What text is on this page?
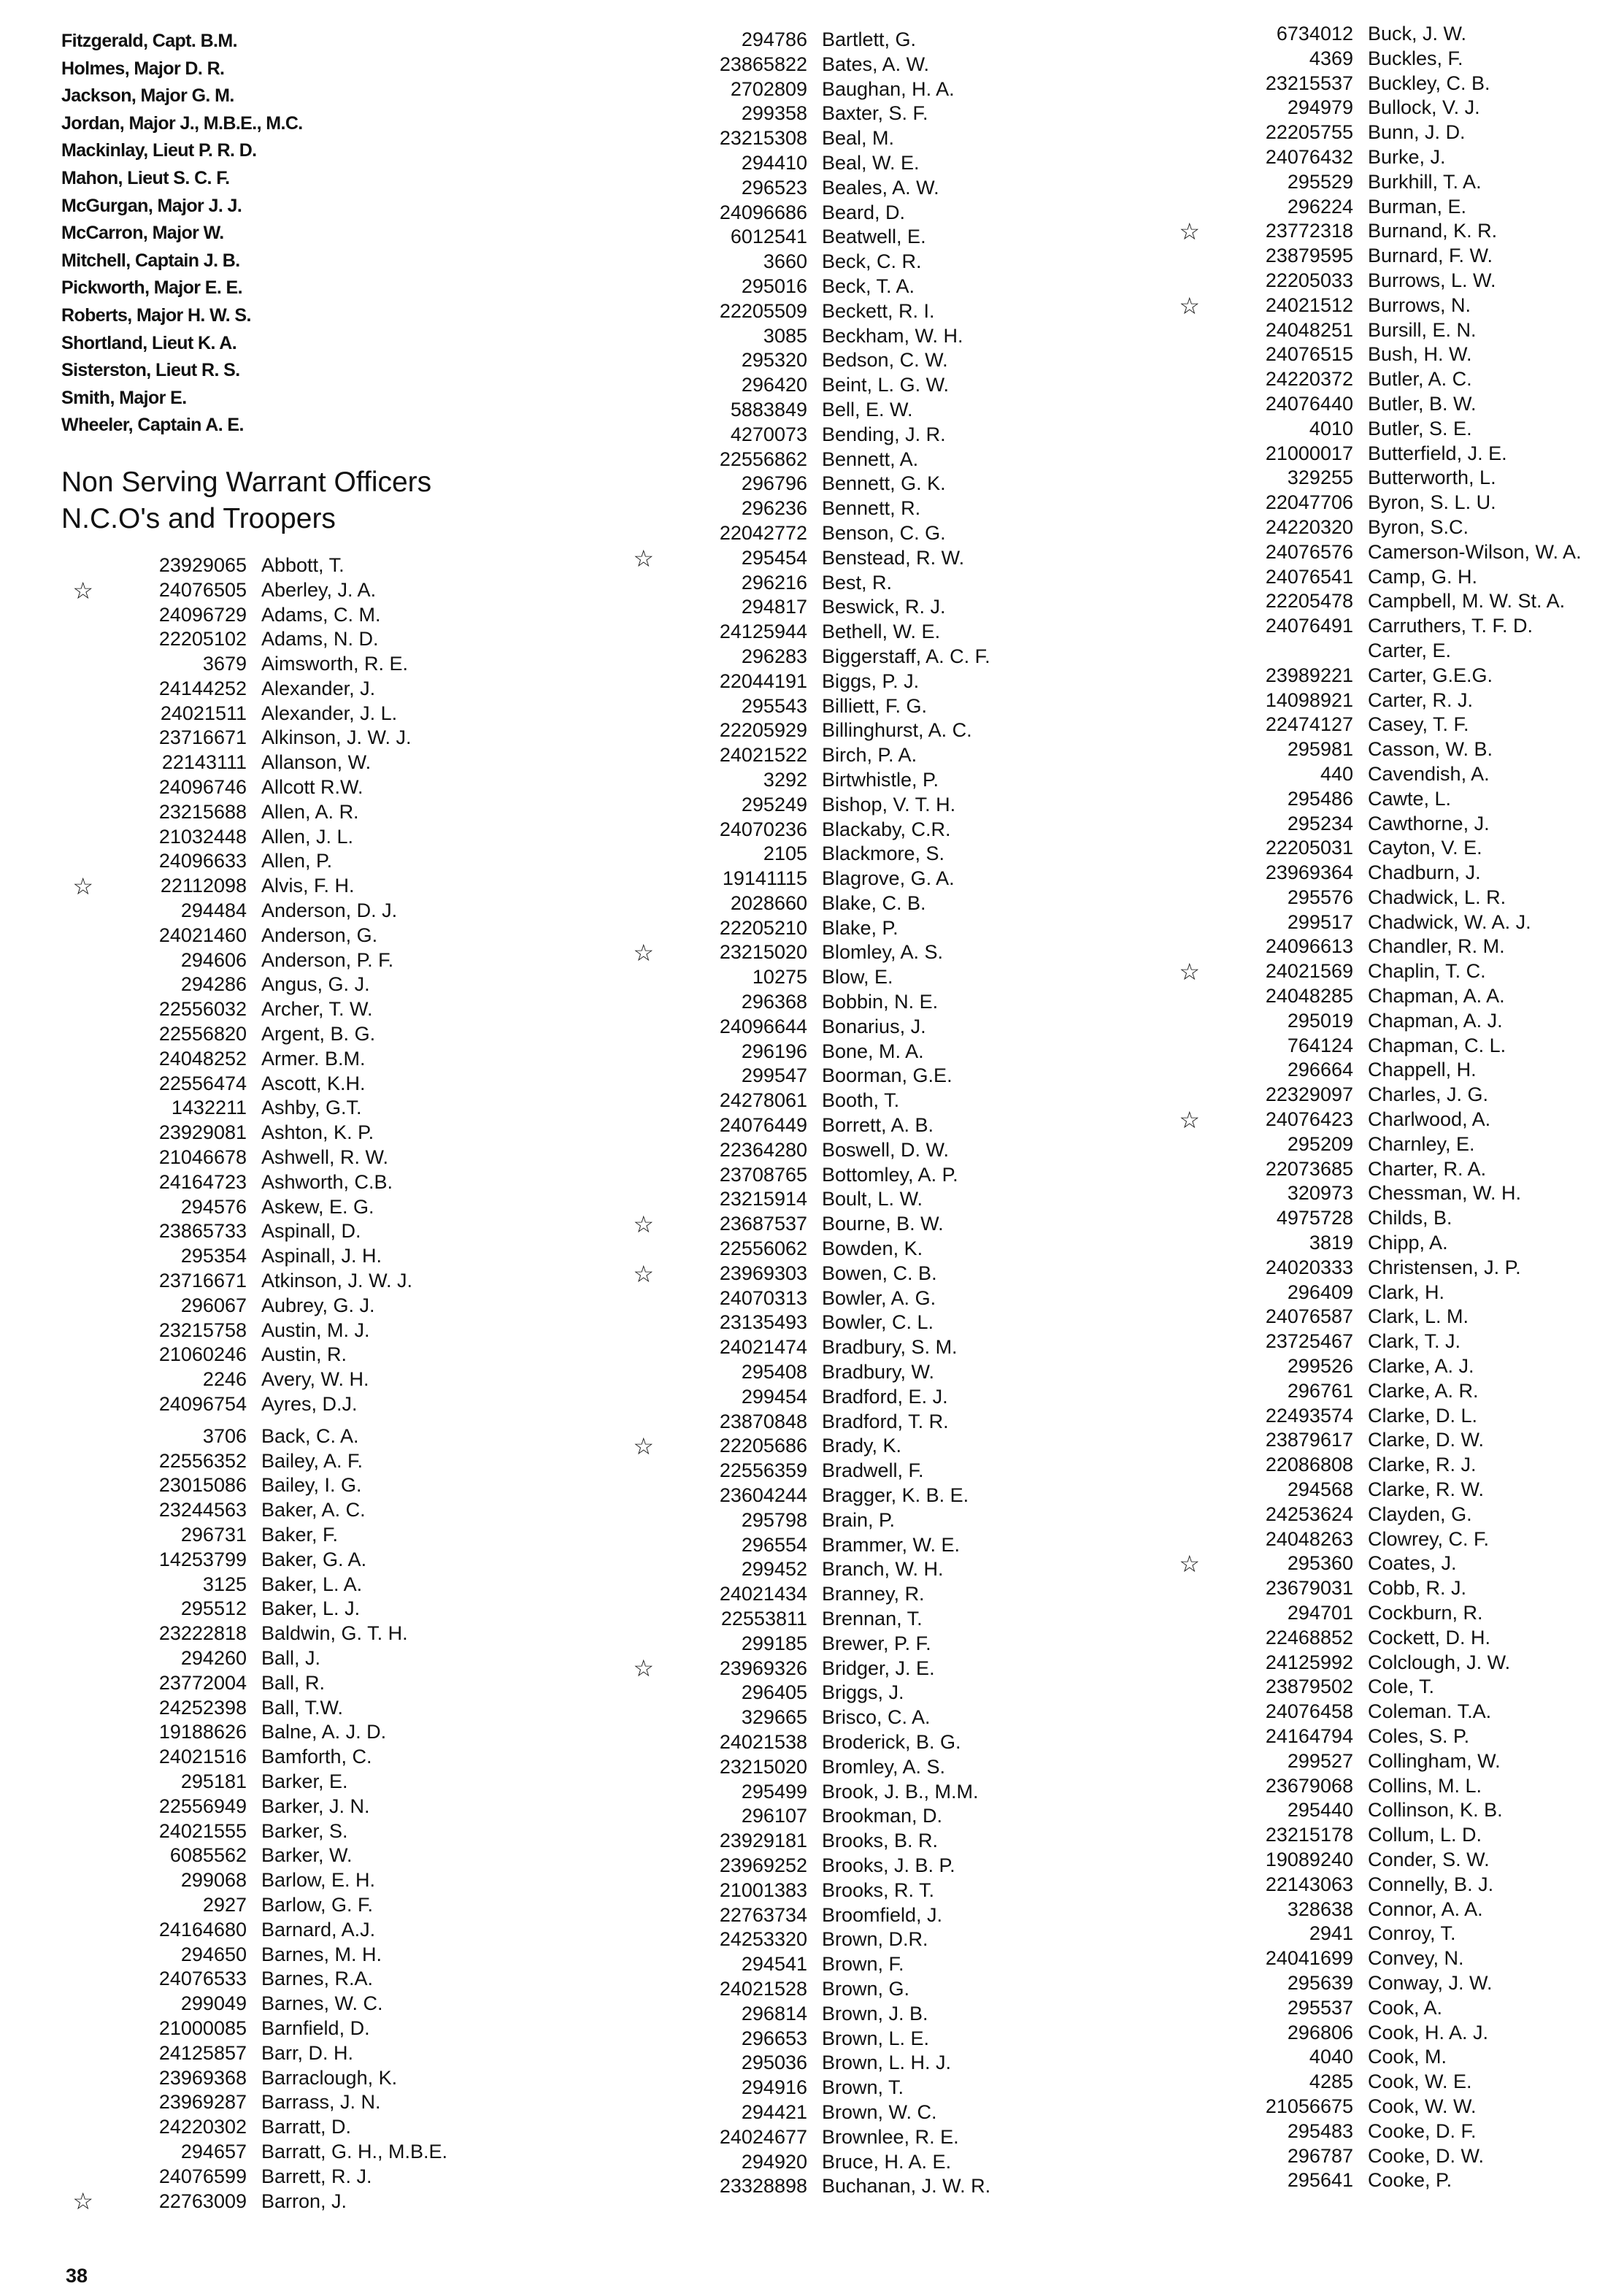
Fitzgerald, Capt. B.M.
Holmes, Major D. R.
Jackson, Major G. M.
Jordan, Major J., M.B.E., M.C.
Mackinlay, Lieut P. R. D.
Mahon, Lieut S. C. F.
McGurgan, Major J. J.
McCarron, Major W.
Mitchell, Captain J. B.
Pickworth, Major E. E.
Roberts, Major H. W. S.
Shortland, Lieut K. A.
Sisterston, Lieut R. S.
Smith, Major E.
Wheeler, Captain A. E.
Non Serving Warrant Officers
N.C.O's and Troopers
23929065 Abbott, T.
☆	24076505 Aberley, J. A.
24096729 Adams, C. M.
22205102 Adams, N. D.
3679 Aimsworth, R. E.
24144252 Alexander, J.
24021511 Alexander, J. L.
23716671 Alkinson, J. W. J.
22143111 Allanson, W.
24096746 Allcott R.W.
23215688 Allen, A. R.
21032448 Allen, J. L.
24096633 Allen, P.
☆	22112098 Alvis, F. H.
294484 Anderson, D. J.
24021460 Anderson, G.
294606 Anderson, P. F.
294286 Angus, G. J.
22556032 Archer, T. W.
22556820 Argent, B. G.
24048252 Armer. B.M.
22556474 Ascott, K.H.
1432211 Ashby, G.T.
23929081 Ashton, K. P.
21046678 Ashwell, R. W.
24164723 Ashworth, C.B.
294576 Askew, E. G.
23865733 Aspinall, D.
295354 Aspinall, J. H.
23716671 Atkinson, J. W. J.
296067 Aubrey, G. J.
23215758 Austin, M. J.
21060246 Austin, R.
2246 Avery, W. H.
24096754 Ayres, D.J.
3706 Back, C. A.
22556352 Bailey, A. F.
23015086 Bailey, I. G.
23244563 Baker, A. C.
296731 Baker, F.
14253799 Baker, G. A.
3125 Baker, L. A.
295512 Baker, L. J.
23222818 Baldwin, G. T. H.
294260 Ball, J.
23772004 Ball, R.
24252398 Ball, T.W.
19188626 Balne, A. J. D.
24021516 Bamforth, C.
295181 Barker, E.
22556949 Barker, J. N.
24021555 Barker, S.
6085562 Barker, W.
299068 Barlow, E. H.
2927 Barlow, G. F.
24164680 Barnard, A.J.
294650 Barnes, M. H.
24076533 Barnes, R.A.
299049 Barnes, W. C.
21000085 Barnfield, D.
24125857 Barr, D. H.
23969368 Barraclough, K.
23969287 Barrass, J. N.
24220302 Barratt, D.
294657 Barratt, G. H., M.B.E.
24076599 Barrett, R. J.
☆	22763009 Barron, J.
294786 Bartlett, G.
23865822 Bates, A. W.
2702809 Baughan, H. A.
299358 Baxter, S. F.
23215308 Beal, M.
294410 Beal, W. E.
296523 Beales, A. W.
24096686 Beard, D.
6012541 Beatwell, E.
3660 Beck, C. R.
295016 Beck, T. A.
22205509 Beckett, R. I.
3085 Beckham, W. H.
295320 Bedson, C. W.
296420 Beint, L. G. W.
5883849 Bell, E. W.
4270073 Bending, J. R.
22556862 Bennett, A.
296796 Bennett, G. K.
296236 Bennett, R.
22042772 Benson, C. G.
☆	295454 Benstead, R. W.
296216 Best, R.
294817 Beswick, R. J.
24125944 Bethell, W. E.
296283 Biggerstaff, A. C. F.
22044191 Biggs, P. J.
295543 Billiett, F. G.
22205929 Billinghurst, A. C.
24021522 Birch, P. A.
3292 Birtwhistle, P.
295249 Bishop, V. T. H.
24070236 Blackaby, C.R.
2105 Blackmore, S.
19141115 Blagrove, G. A.
2028660 Blake, C. B.
22205210 Blake, P.
☆	23215020 Blomley, A. S.
10275 Blow, E.
296368 Bobbin, N. E.
24096644 Bonarius, J.
296196 Bone, M. A.
299547 Boorman, G.E.
24278061 Booth, T.
24076449 Borrett, A. B.
22364280 Boswell, D. W.
23708765 Bottomley, A. P.
23215914 Boult, L. W.
☆	23687537 Bourne, B. W.
22556062 Bowden, K.
☆	23969303 Bowen, C. B.
24070313 Bowler, A. G.
23135493 Bowler, C. L.
24021474 Bradbury, S. M.
295408 Bradbury, W.
299454 Bradford, E. J.
23870848 Bradford, T. R.
☆	22205686 Brady, K.
22556359 Bradwell, F.
23604244 Bragger, K. B. E.
295798 Brain, P.
296554 Brammer, W. E.
299452 Branch, W. H.
24021434 Branney, R.
22553811 Brennan, T.
299185 Brewer, P. F.
☆	23969326 Bridger, J. E.
296405 Briggs, J.
329665 Brisco, C. A.
24021538 Broderick, B. G.
23215020 Bromley, A. S.
295499 Brook, J. B., M.M.
296107 Brookman, D.
23929181 Brooks, B. R.
23969252 Brooks, J. B. P.
21001383 Brooks, R. T.
22763734 Broomfield, J.
24253320 Brown, D.R.
294541 Brown, F.
24021528 Brown, G.
296814 Brown, J. B.
296653 Brown, L. E.
295036 Brown, L. H. J.
294916 Brown, T.
294421 Brown, W. C.
24024677 Brownlee, R. E.
294920 Bruce, H. A. E.
23328898 Buchanan, J. W. R.
6734012 Buck, J. W.
4369 Buckles, F.
23215537 Buckley, C. B.
294979 Bullock, V. J.
22205755 Bunn, J. D.
24076432 Burke, J.
295529 Burkhill, T. A.
296224 Burman, E.
☆	23772318 Burnand, K. R.
23879595 Burnard, F. W.
22205033 Burrows, L. W.
☆	24021512 Burrows, N.
24048251 Bursill, E. N.
24076515 Bush, H. W.
24220372 Butler, A. C.
24076440 Butler, B. W.
4010 Butler, S. E.
21000017 Butterfield, J. E.
329255 Butterworth, L.
22047706 Byron, S. L. U.
24220320 Byron, S.C.
24076576 Camerson-Wilson, W. A.
24076541 Camp, G. H.
22205478 Campbell, M. W. St. A.
24076491 Carruthers, T. F. D.
Carter, E.
23989221 Carter, G.E.G.
14098921 Carter, R. J.
22474127 Casey, T. F.
295981 Casson, W. B.
440 Cavendish, A.
295486 Cawte, L.
295234 Cawthorne, J.
22205031 Cayton, V. E.
23969364 Chadburn, J.
295576 Chadwick, L. R.
299517 Chadwick, W. A. J.
24096613 Chandler, R. M.
☆	24021569 Chaplin, T. C.
24048285 Chapman, A. A.
295019 Chapman, A. J.
764124 Chapman, C. L.
296664 Chappell, H.
22329097 Charles, J. G.
☆	24076423 Charlwood, A.
295209 Charnley, E.
22073685 Charter, R. A.
320973 Chessman, W. H.
4975728 Childs, B.
3819 Chipp, A.
24020333 Christensen, J. P.
296409 Clark, H.
24076587 Clark, L. M.
23725467 Clark, T. J.
299526 Clarke, A. J.
296761 Clarke, A. R.
22493574 Clarke, D. L.
23879617 Clarke, D. W.
22086808 Clarke, R. J.
294568 Clarke, R. W.
24253624 Clayden, G.
24048263 Clowrey, C. F.
☆	295360 Coates, J.
23679031 Cobb, R. J.
294701 Cockburn, R.
22468852 Cockett, D. H.
24125992 Colclough, J. W.
23879502 Cole, T.
24076458 Coleman. T.A.
24164794 Coles, S. P.
299527 Collingham, W.
23679068 Collins, M. L.
295440 Collinson, K. B.
23215178 Collum, L. D.
19089240 Conder, S. W.
22143063 Connelly, B. J.
328638 Connor, A. A.
2941 Conroy, T.
24041699 Convey, N.
295639 Conway, J. W.
295537 Cook, A.
296806 Cook, H. A. J.
4040 Cook, M.
4285 Cook, W. E.
21056675 Cook, W. W.
295483 Cooke, D. F.
296787 Cooke, D. W.
295641 Cooke, P.
38
